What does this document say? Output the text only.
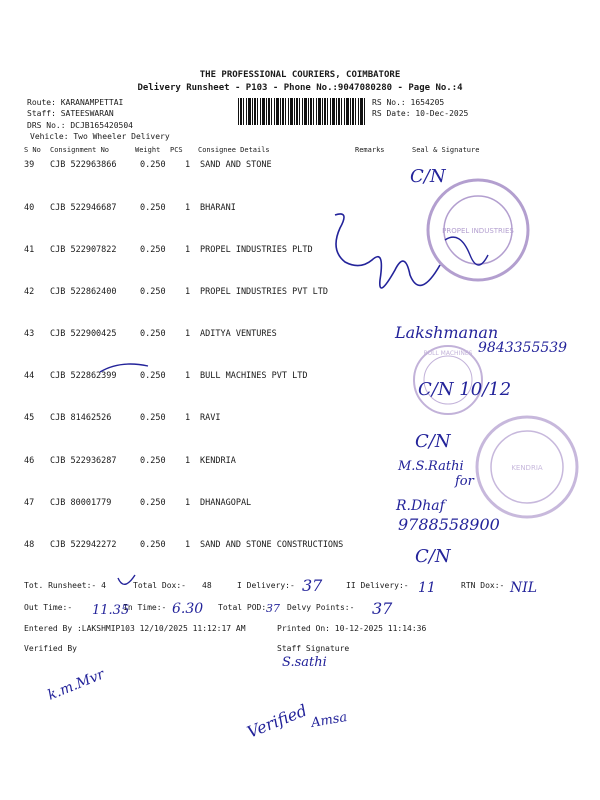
THE PROFESSIONAL COURIERS, COIMBATORE
Delivery Runsheet - P103 - Phone No.:9047080280 - Page No.:4
Route: KARANAMPETTAI
Staff: SATEESWARAN
DRS No.: DCJB165420504
Vehicle: Two Wheeler Delivery
RS No.: 1654205
RS Date: 10-Dec-2025
S No Consignment No	Weight PCS Consignee Details	Remarks	Seal & Signature
39 CJB 522963866	0.250 1 SAND AND STONE
40 CJB 522946687	0.250 1 BHARANI
41 CJB 522907822	0.250 1 PROPEL INDUSTRIES PLTD
42 CJB 522862400	0.250 1 PROPEL INDUSTRIES PVT LTD
43 CJB 522900425	0.250 1 ADITYA VENTURES
44 CJB 522862399	0.250 1 BULL MACHINES PVT LTD
45 CJB 81462526	0.250 1 RAVI
46 CJB 522936287	0.250 1 KENDRIA
47 CJB 80001779	0.250 1 DHANAGOPAL
48 CJB 522942272	0.250 1 SAND AND STONE CONSTRUCTIONS
Tot. Runsheet:- 4	Total Dox:- 48	I Delivery:-	II Delivery:-	RTN Dox:-
Out Time:-	In Time:-	Total POD:- Delvy Points:-
Entered By :LAKSHMIP103 12/10/2025 11:12:17 AM	Printed On: 10-12-2025 11:14:36
Verified By	Staff Signature
PROPEL INDUSTRIES
BULL MACHINES
KENDRIA
C/N
Lakshmanan
9843355539
C/N 10/12
C/N
M.S.Rathi
for
R.Dhaf
9788558900
C/N
37	11	NIL
11.35	6.30	37	37
k.m.Mvr
S.sathi
Verified Amsa
